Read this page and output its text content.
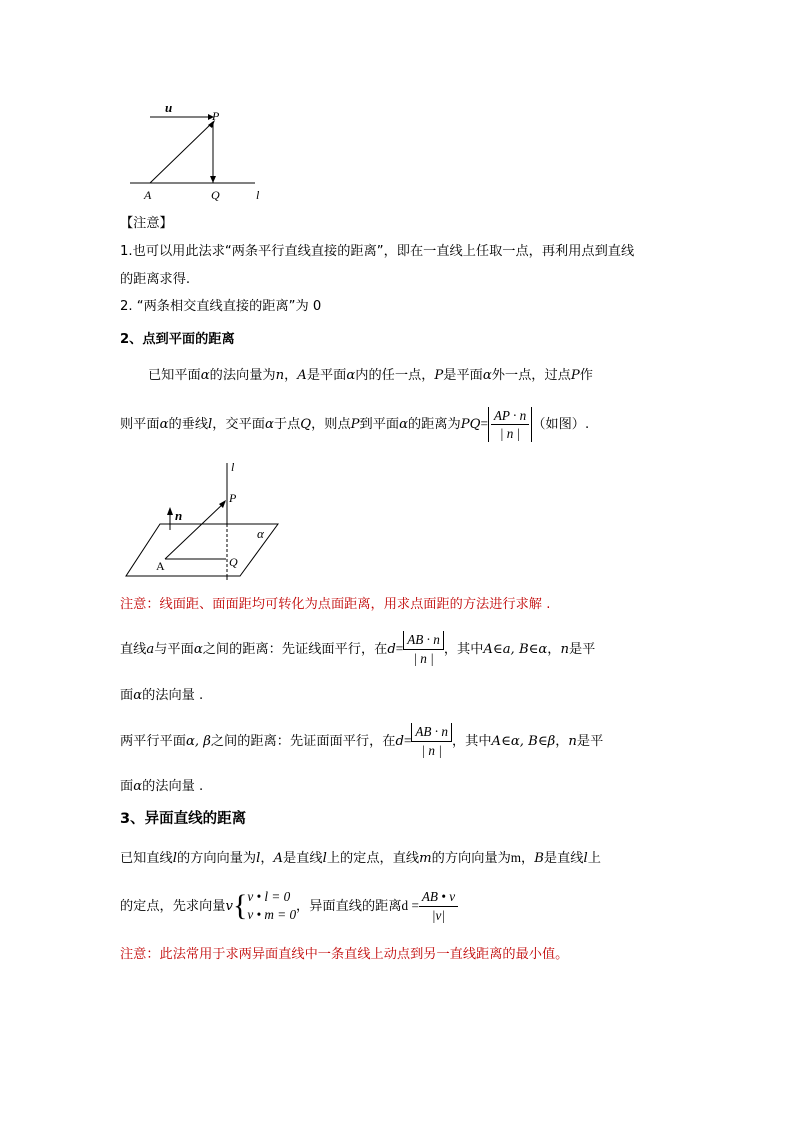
u
P
A	Q	l
【注意】
1.也可以用此法求“两条平行直线直接的距离”，即在一直线上任取一点，再利用点到直线
的距离求得.
2. “两条相交直线直接的距离”为 0
2、点到平面的距离
已知平面α的法向量为n，A是平面α内的任一点，P是平面α外一点，过点P作
则平面α的垂线l，交平面α于点Q，则点P到平面α的距离为$PQ= \frac{AP \cdot n}{| n |}$ （如图）.
l
P
n
α
A	Q
注意：线面距、面面距均可转化为点面距离，用求点面距的方法进行求解 .
直线a与平面α之间的距离：先证线面平行，在$d= \frac{AB \cdot n}{| n |}$ ，其中A∈a, B∈α，n是平
面α的法向量 .
两平行平面α, β之间的距离：先证面面平行，在$d= \frac{AB \cdot n}{| n |}$ ，其中A∈α, B∈β，n是平
面α的法向量 .
3、异面直线的距离
已知直线l的方向向量为l，A是直线l上的定点，直线m的方向向量为m，B是直线l上
的定点，先求向量v{ v • l = 0
v • m = 0
，异面直线的距离$d = \frac{AB • v}{|v|}$
注意：此法常用于求两异面直线中一条直线上动点到另一直线距离的最小值。
